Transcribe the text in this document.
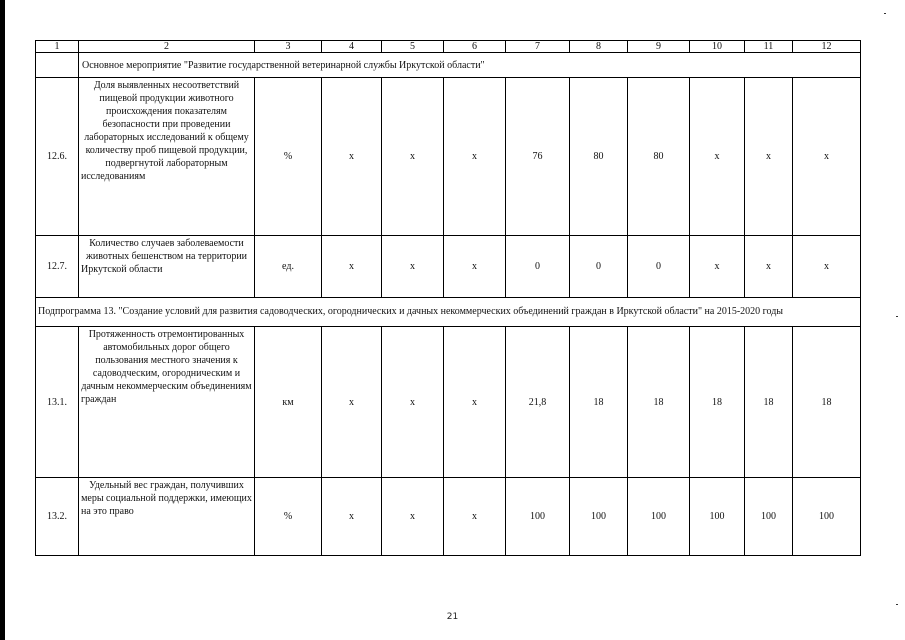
1	2	3	4	5	6	7	8	9	10	11	12
	Основное мероприятие "Развитие государственной ветеринарной службы Иркутской области"										
12.6.	Доля выявленных несоответствий пищевой продукции животного происхождения показателям безопасности при проведении лабораторных исследований к общему количеству проб пищевой продукции, подвергнутой лабораторным исследованиям	%	x	x	x	76	80	80	x	x	x
12.7.	Количество случаев заболеваемости животных бешенством на территории Иркутской области	ед.	x	x	x	0	0	0	x	x	x
Подпрограмма 13. "Создание условий для развития садоводческих, огороднических и дачных некоммерческих объединений граждан в Иркутской области" на 2015-2020 годы											
13.1.	Протяженность отремонтированных автомобильных дорог общего пользования местного значения к садоводческим, огородническим и дачным некоммерческим объединениям граждан	км	x	x	x	21,8	18	18	18	18	18
13.2.	Удельный вес граждан, получивших меры социальной поддержки, имеющих на это право	%	x	x	x	100	100	100	100	100	100
21
